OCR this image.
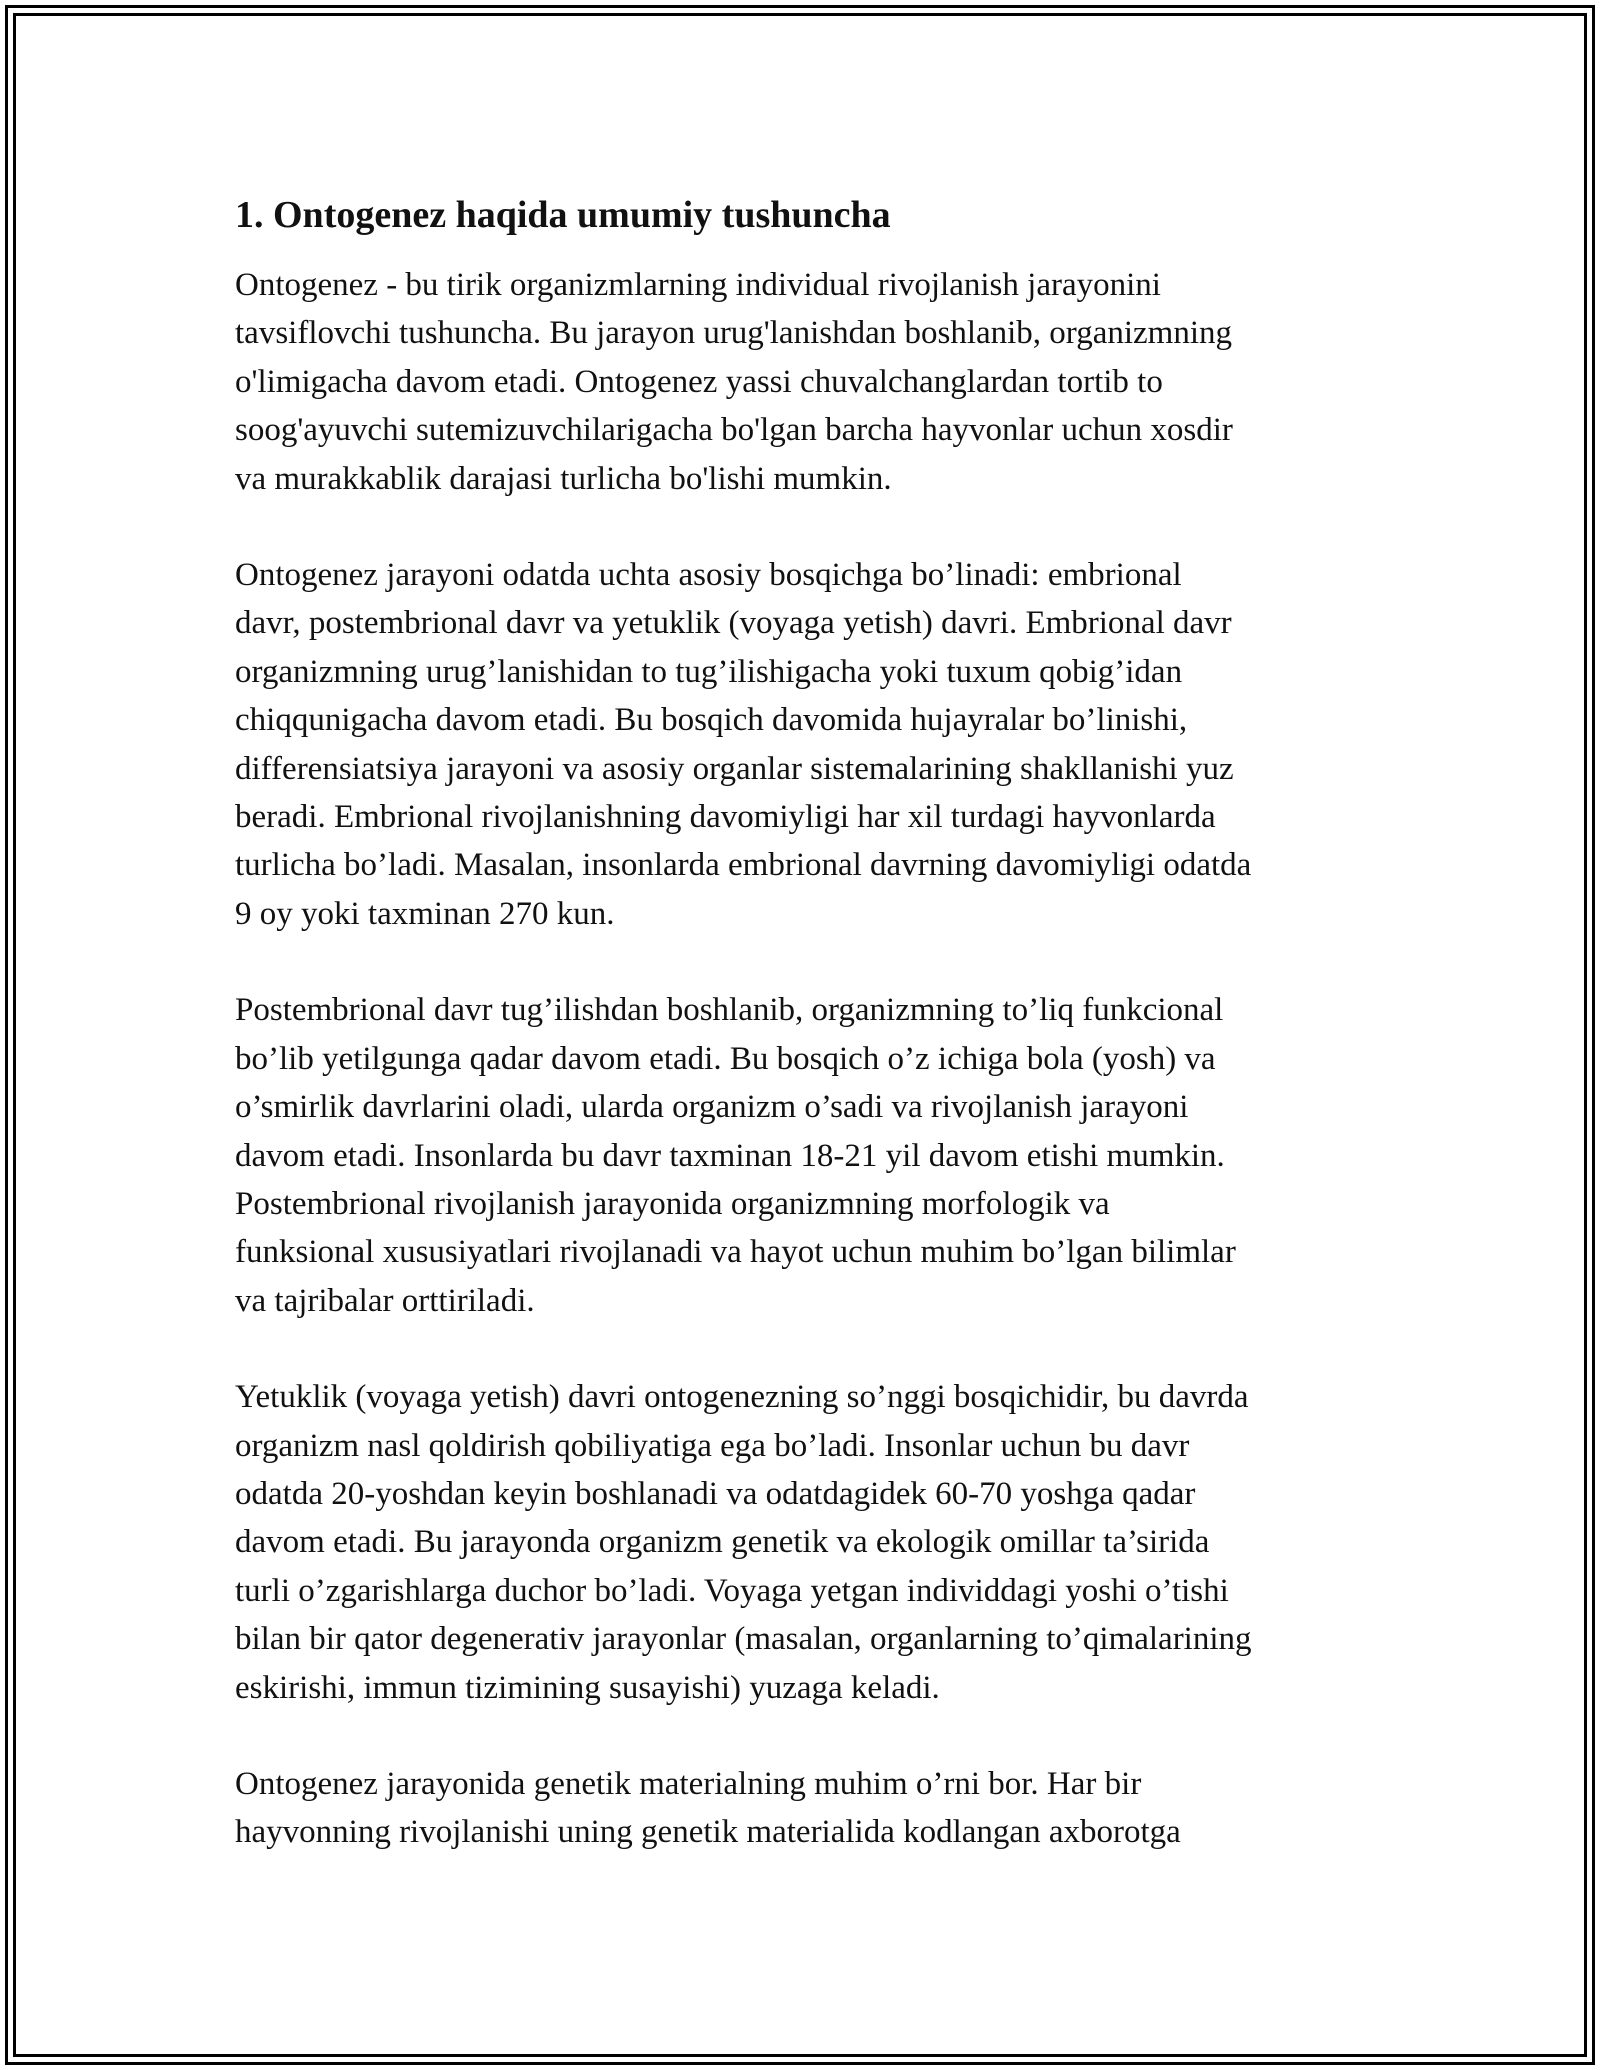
1. Ontogenez haqida umumiy tushuncha
Ontogenez - bu tirik organizmlarning individual rivojlanish jarayonini
tavsiflovchi tushuncha. Bu jarayon urug'lanishdan boshlanib, organizmning
o'limigacha davom etadi. Ontogenez yassi chuvalchanglardan tortib to
soog'ayuvchi sutemizuvchilarigacha bo'lgan barcha hayvonlar uchun xosdir
va murakkablik darajasi turlicha bo'lishi mumkin.
Ontogenez jarayoni odatda uchta asosiy bosqichga bo’linadi: embrional
davr, postembrional davr va yetuklik (voyaga yetish) davri. Embrional davr
organizmning urug’lanishidan to tug’ilishigacha yoki tuxum qobig’idan
chiqqunigacha davom etadi. Bu bosqich davomida hujayralar bo’linishi,
differensiatsiya jarayoni va asosiy organlar sistemalarining shakllanishi yuz
beradi. Embrional rivojlanishning davomiyligi har xil turdagi hayvonlarda
turlicha bo’ladi. Masalan, insonlarda embrional davrning davomiyligi odatda
9 oy yoki taxminan 270 kun.
Postembrional davr tug’ilishdan boshlanib, organizmning to’liq funkcional
bo’lib yetilgunga qadar davom etadi. Bu bosqich o’z ichiga bola (yosh) va
o’smirlik davrlarini oladi, ularda organizm o’sadi va rivojlanish jarayoni
davom etadi. Insonlarda bu davr taxminan 18-21 yil davom etishi mumkin.
Postembrional rivojlanish jarayonida organizmning morfologik va
funksional xususiyatlari rivojlanadi va hayot uchun muhim bo’lgan bilimlar
va tajribalar orttiriladi.
Yetuklik (voyaga yetish) davri ontogenezning so’nggi bosqichidir, bu davrda
organizm nasl qoldirish qobiliyatiga ega bo’ladi. Insonlar uchun bu davr
odatda 20-yoshdan keyin boshlanadi va odatdagidek 60-70 yoshga qadar
davom etadi. Bu jarayonda organizm genetik va ekologik omillar ta’sirida
turli o’zgarishlarga duchor bo’ladi. Voyaga yetgan individdagi yoshi o’tishi
bilan bir qator degenerativ jarayonlar (masalan, organlarning to’qimalarining
eskirishi, immun tizimining susayishi) yuzaga keladi.
Ontogenez jarayonida genetik materialning muhim o’rni bor. Har bir
hayvonning rivojlanishi uning genetik materialida kodlangan axborotga
